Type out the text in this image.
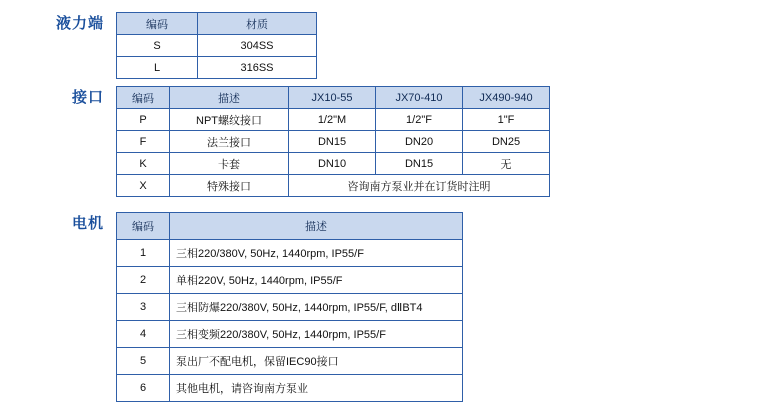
液力端	编码	材质
S	304SS
L	316SS
接口	编码	描述	JX10-55	JX70-410	JX490-940
P	NPT螺纹接口	1/2"M	1/2"F	1"F
F	法兰接口	DN15	DN20	DN25
K	卡套	DN10	DN15	无
X	特殊接口	咨询南方泵业并在订货时注明		
电机	编码	描述
1	三相220/380V, 50Hz, 1440rpm, IP55/F
2	单相220V, 50Hz, 1440rpm, IP55/F
3	三相防爆220/380V, 50Hz, 1440rpm, IP55/F, dⅡBT4
4	三相变频220/380V, 50Hz, 1440rpm, IP55/F
5	泵出厂不配电机，保留IEC90接口
6	其他电机，请咨询南方泵业
